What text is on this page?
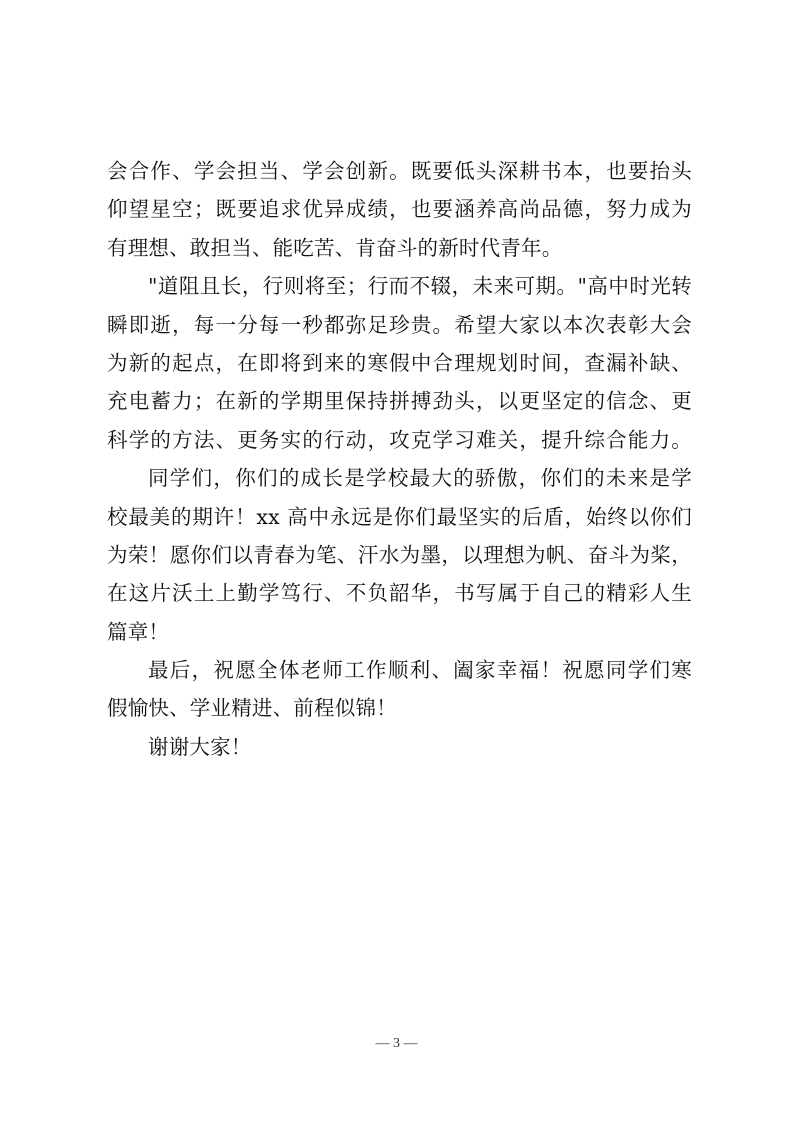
会合作、学会担当、学会创新。既要低头深耕书本，也要抬头
仰望星空；既要追求优异成绩，也要涵养高尚品德，努力成为
有理想、敢担当、能吃苦、肯奋斗的新时代青年。
"道阻且长，行则将至；行而不辍，未来可期。"高中时光转
瞬即逝，每一分每一秒都弥足珍贵。希望大家以本次表彰大会
为新的起点，在即将到来的寒假中合理规划时间，查漏补缺、
充电蓄力；在新的学期里保持拼搏劲头，以更坚定的信念、更
科学的方法、更务实的行动，攻克学习难关，提升综合能力。
同学们，你们的成长是学校最大的骄傲，你们的未来是学
校最美的期许！xx 高中永远是你们最坚实的后盾，始终以你们
为荣！愿你们以青春为笔、汗水为墨，以理想为帆、奋斗为桨，
在这片沃土上勤学笃行、不负韶华，书写属于自己的精彩人生
篇章！
最后，祝愿全体老师工作顺利、阖家幸福！祝愿同学们寒
假愉快、学业精进、前程似锦！
谢谢大家！
— 3 —
